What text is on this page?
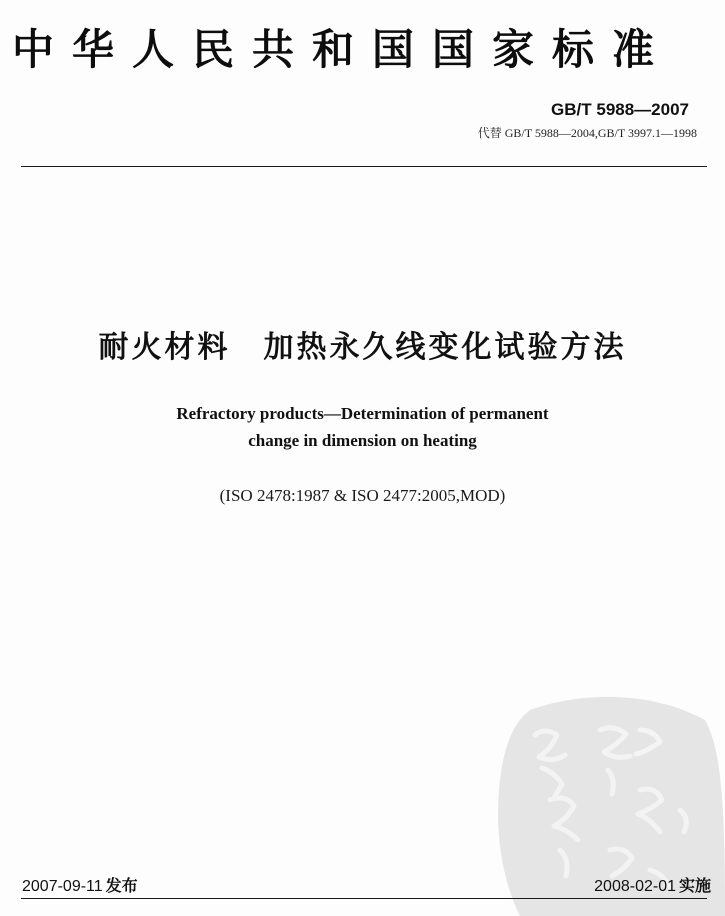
中华人民共和国国家标准
GB/T 5988—2007
代替 GB/T 5988—2004,GB/T 3997.1—1998
耐火材料　加热永久线变化试验方法
Refractory products—Determination of permanent
change in dimension on heating
(ISO 2478:1987 & ISO 2477:2005,MOD)
2007-09-11 发布	2008-02-01 实施
